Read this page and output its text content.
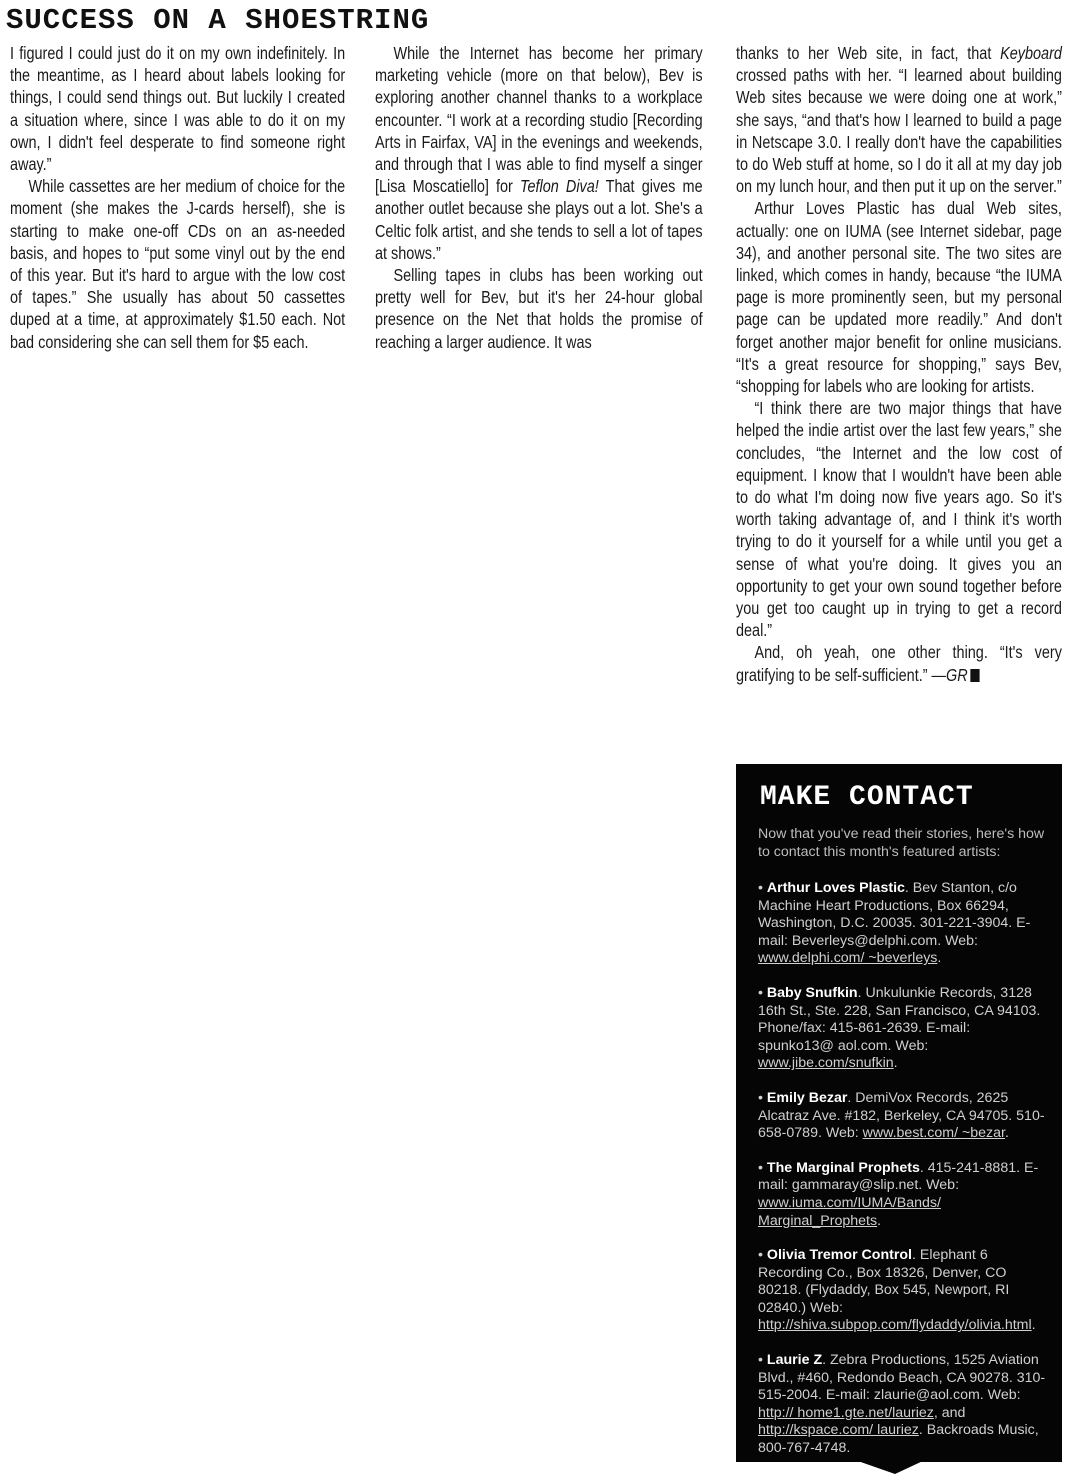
SUCCESS ON A SHOESTRING

I figured I could just do it on my own indefinitely. In the meantime, as I heard about labels looking for things, I could send things out. But luckily I created a situation where, since I was able to do it on my own, I didn't feel desperate to find someone right away.”

While cassettes are her medium of choice for the moment (she makes the J-cards herself), she is starting to make one-off CDs on an as-needed basis, and hopes to “put some vinyl out by the end of this year. But it's hard to argue with the low cost of tapes.” She usually has about 50 cassettes duped at a time, at approximately $1.50 each. Not bad considering she can sell them for $5 each.

While the Internet has become her primary marketing vehicle (more on that below), Bev is exploring another channel thanks to a workplace encounter. “I work at a recording studio [Recording Arts in Fairfax, VA] in the evenings and weekends, and through that I was able to find myself a singer [Lisa Moscatiello] for Teflon Diva! That gives me another outlet because she plays out a lot. She's a Celtic folk artist, and she tends to sell a lot of tapes at shows.”

Selling tapes in clubs has been working out pretty well for Bev, but it's her 24-hour global presence on the Net that holds the promise of reaching a larger audience. It was

thanks to her Web site, in fact, that Keyboard crossed paths with her. “I learned about building Web sites because we were doing one at work,” she says, “and that's how I learned to build a page in Netscape 3.0. I really don't have the capabilities to do Web stuff at home, so I do it all at my day job on my lunch hour, and then put it up on the server.”

Arthur Loves Plastic has dual Web sites, actually: one on IUMA (see Internet sidebar, page 34), and another personal site. The two sites are linked, which comes in handy, because “the IUMA page is more prominently seen, but my personal page can be updated more readily.” And don't forget another major benefit for online musicians. “It's a great resource for shopping,” says Bev, “shopping for labels who are looking for artists.

“I think there are two major things that have helped the indie artist over the last few years,” she concludes, “the Internet and the low cost of equipment. I know that I wouldn't have been able to do what I'm doing now five years ago. So it's worth taking advantage of, and I think it's worth trying to do it yourself for a while until you get a sense of what you're doing. It gives you an opportunity to get your own sound together before you get too caught up in trying to get a record deal.”

And, oh yeah, one other thing. “It's very gratifying to be self-sufficient.” —GR

MAKE CONTACT
Now that you've read their stories, here's how to contact this month's featured artists:

• Arthur Loves Plastic. Bev Stanton, c/o Machine Heart Productions, Box 66294, Washington, D.C. 20035. 301-221-3904. E-mail: Beverleys@delphi.com. Web: www.delphi.com/ ~beverleys.

• Baby Snufkin. Unkulunkie Records, 3128 16th St., Ste. 228, San Francisco, CA 94103. Phone/fax: 415-861-2639. E-mail: spunko13@ aol.com. Web: www.jibe.com/snufkin.

• Emily Bezar. DemiVox Records, 2625 Alcatraz Ave. #182, Berkeley, CA 94705. 510-658-0789. Web: www.best.com/ ~bezar.

• The Marginal Prophets. 415-241-8881. E-mail: gammaray@slip.net. Web: www.iuma.com/IUMA/Bands/ Marginal_Prophets.

• Olivia Tremor Control. Elephant 6 Recording Co., Box 18326, Denver, CO 80218. (Flydaddy, Box 545, Newport, RI 02840.) Web: http://shiva.subpop.com/flydaddy/olivia.html.

• Laurie Z. Zebra Productions, 1525 Aviation Blvd., #460, Redondo Beach, CA 90278. 310-515-2004. E-mail: zlaurie@aol.com. Web: http:// home1.gte.net/lauriez, and http://kspace.com/ lauriez. Backroads Music, 800-767-4748.
